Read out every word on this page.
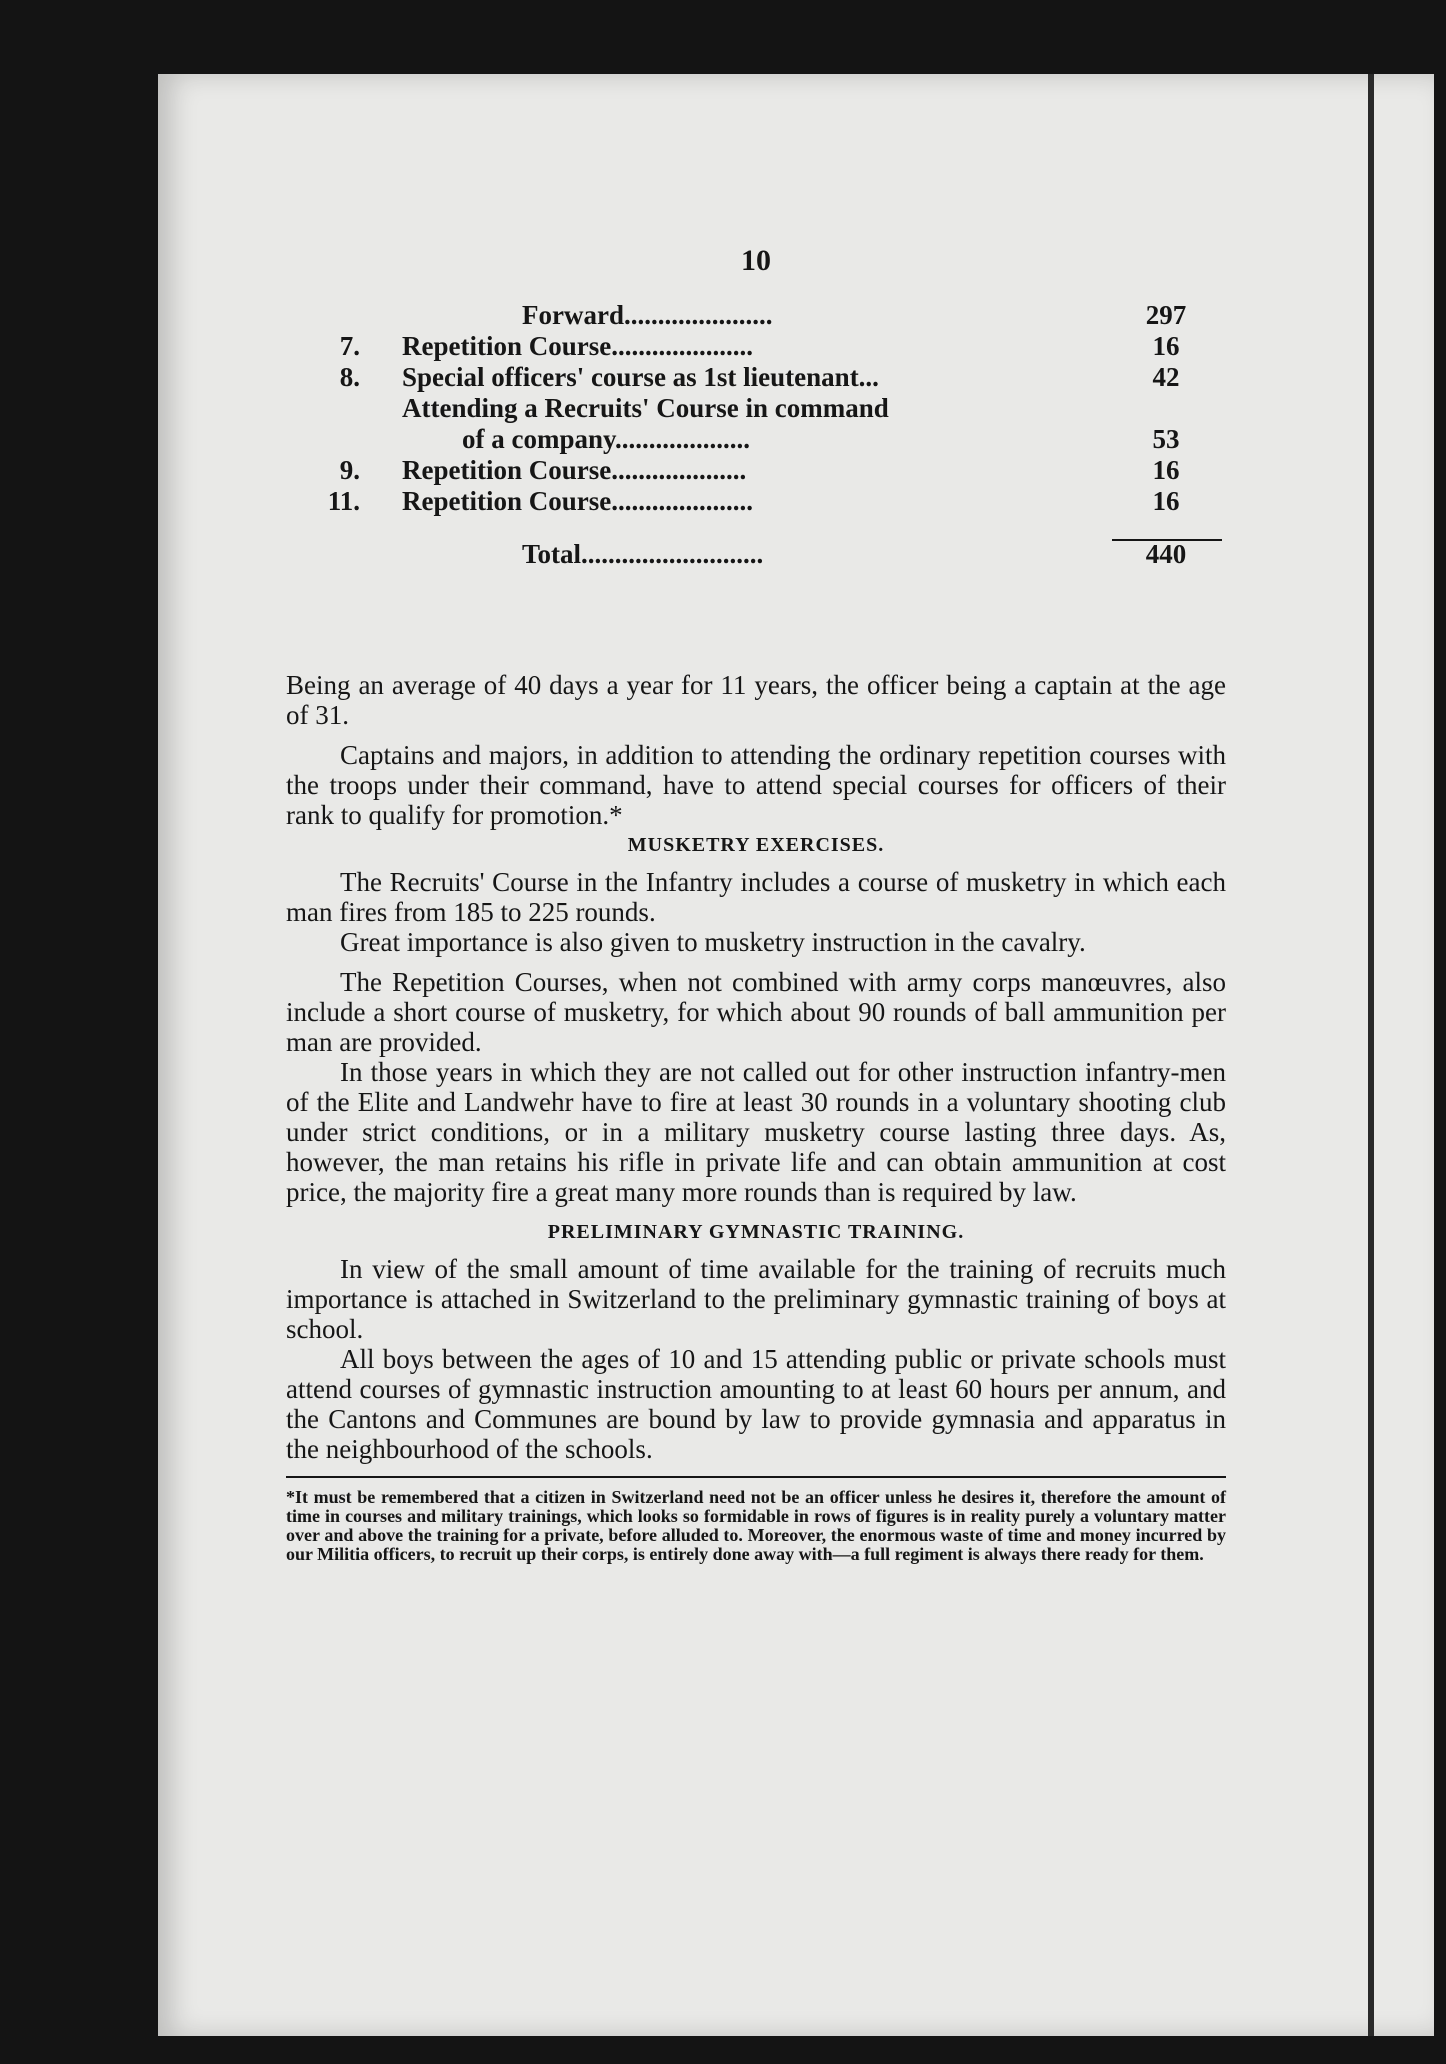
10
Forward......................	297
7. Repetition Course.....................	16
8. Special officers' course as 1st lieutenant...	42
Attending a Recruits' Course in command
of a company....................	53
9. Repetition Course....................	16
11. Repetition Course.....................	16
Total...........................	440

Being an average of 40 days a year for 11 years, the officer being a captain at the age of 31.

Captains and majors, in addition to attending the ordinary repetition courses with the troops under their command, have to attend special courses for officers of their rank to qualify for promotion.*

MUSKETRY EXERCISES.

The Recruits' Course in the Infantry includes a course of musketry in which each man fires from 185 to 225 rounds.

Great importance is also given to musketry instruction in the cavalry.

The Repetition Courses, when not combined with army corps manœuvres, also include a short course of musketry, for which about 90 rounds of ball ammunition per man are provided.

In those years in which they are not called out for other instruction infantry-men of the Elite and Landwehr have to fire at least 30 rounds in a voluntary shooting club under strict conditions, or in a military musketry course lasting three days. As, however, the man retains his rifle in private life and can obtain ammunition at cost price, the majority fire a great many more rounds than is required by law.

PRELIMINARY GYMNASTIC TRAINING.

In view of the small amount of time available for the training of recruits much importance is attached in Switzerland to the preliminary gymnastic training of boys at school.

All boys between the ages of 10 and 15 attending public or private schools must attend courses of gymnastic instruction amounting to at least 60 hours per annum, and the Cantons and Communes are bound by law to provide gymnasia and apparatus in the neighbourhood of the schools.

*It must be remembered that a citizen in Switzerland need not be an officer unless he desires it, therefore the amount of time in courses and military trainings, which looks so formidable in rows of figures is in reality purely a voluntary matter over and above the training for a private, before alluded to. Moreover, the enormous waste of time and money incurred by our Militia officers, to recruit up their corps, is entirely done away with—a full regiment is always there ready for them.
